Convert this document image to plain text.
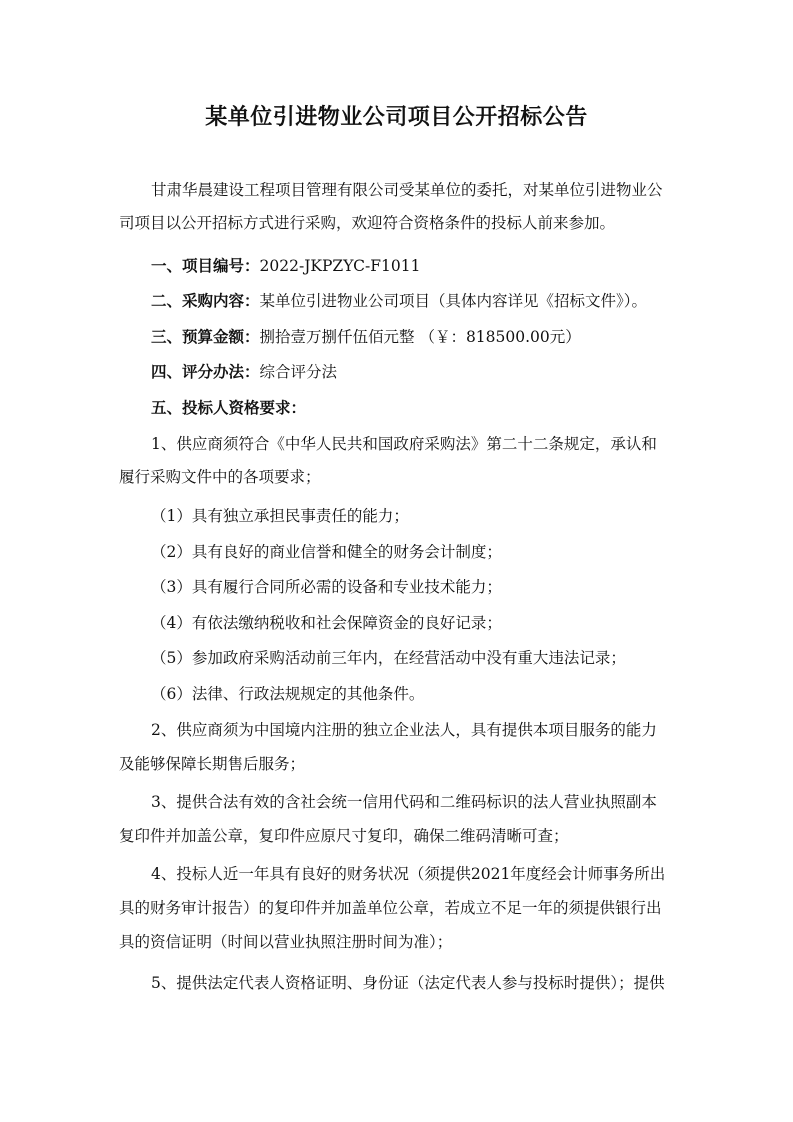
某单位引进物业公司项目公开招标公告

甘肃华晨建设工程项目管理有限公司受某单位的委托，对某单位引进物业公

司项目以公开招标方式进行采购，欢迎符合资格条件的投标人前来参加。

一、项目编号：2022-JKPZYC-F1011

二、采购内容：某单位引进物业公司项目（具体内容详见《招标文件》）。

三、预算金额：捌拾壹万捌仟伍佰元整 （￥：818500.00元）

四、评分办法：综合评分法

五、投标人资格要求：

1、供应商须符合《中华人民共和国政府采购法》第二十二条规定，承认和

履行采购文件中的各项要求；

（1）具有独立承担民事责任的能力；

（2）具有良好的商业信誉和健全的财务会计制度；

（3）具有履行合同所必需的设备和专业技术能力；

（4）有依法缴纳税收和社会保障资金的良好记录；

（5）参加政府采购活动前三年内，在经营活动中没有重大违法记录；

（6）法律、行政法规规定的其他条件。

2、供应商须为中国境内注册的独立企业法人，具有提供本项目服务的能力

及能够保障长期售后服务；

3、提供合法有效的含社会统一信用代码和二维码标识的法人营业执照副本

复印件并加盖公章，复印件应原尺寸复印，确保二维码清晰可查；

4、投标人近一年具有良好的财务状况（须提供2021年度经会计师事务所出

具的财务审计报告）的复印件并加盖单位公章，若成立不足一年的须提供银行出

具的资信证明（时间以营业执照注册时间为准）；

5、提供法定代表人资格证明、身份证（法定代表人参与投标时提供）；提供
